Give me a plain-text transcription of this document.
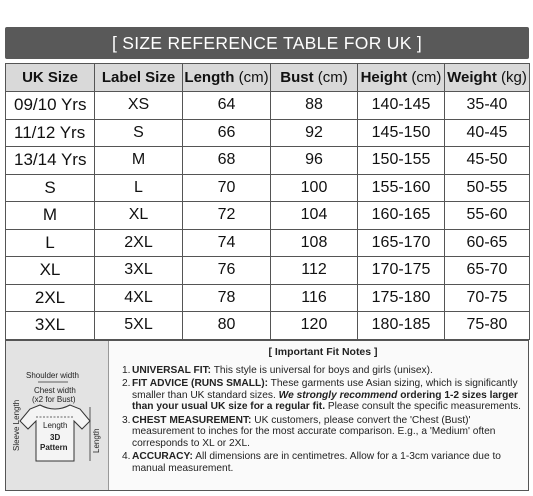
[ SIZE REFERENCE TABLE FOR UK ]
UK Size	Label Size	Length (cm)	Bust (cm)	Height (cm)	Weight (kg)
09/10 Yrs	XS	64	88	140-145	35-40
11/12 Yrs	S	66	92	145-150	40-45
13/14 Yrs	M	68	96	150-155	45-50
S	L	70	100	155-160	50-55
M	XL	72	104	160-165	55-60
L	2XL	74	108	165-170	60-65
XL	3XL	76	112	170-175	65-70
2XL	4XL	78	116	175-180	70-75
3XL	5XL	80	120	180-185	75-80
Shoulder width
Chest width
(x2 for Bust)
Length
3D
Pattern
Sleeve Length	Length
[ Important Fit Notes ]
1. UNIVERSAL FIT: This style is universal for boys and girls (unisex).
2. FIT ADVICE (RUNS SMALL): These garments use Asian sizing, which is significantly smaller than UK standard sizes. We strongly recommend ordering 1-2 sizes larger than your usual UK size for a regular fit. Please consult the specific measurements.
3. CHEST MEASUREMENT: UK customers, please convert the 'Chest (Bust)' measurement to inches for the most accurate comparison. E.g., a 'Medium' often corresponds to XL or 2XL.
4. ACCURACY: All dimensions are in centimetres. Allow for a 1-3cm variance due to manual measurement.
